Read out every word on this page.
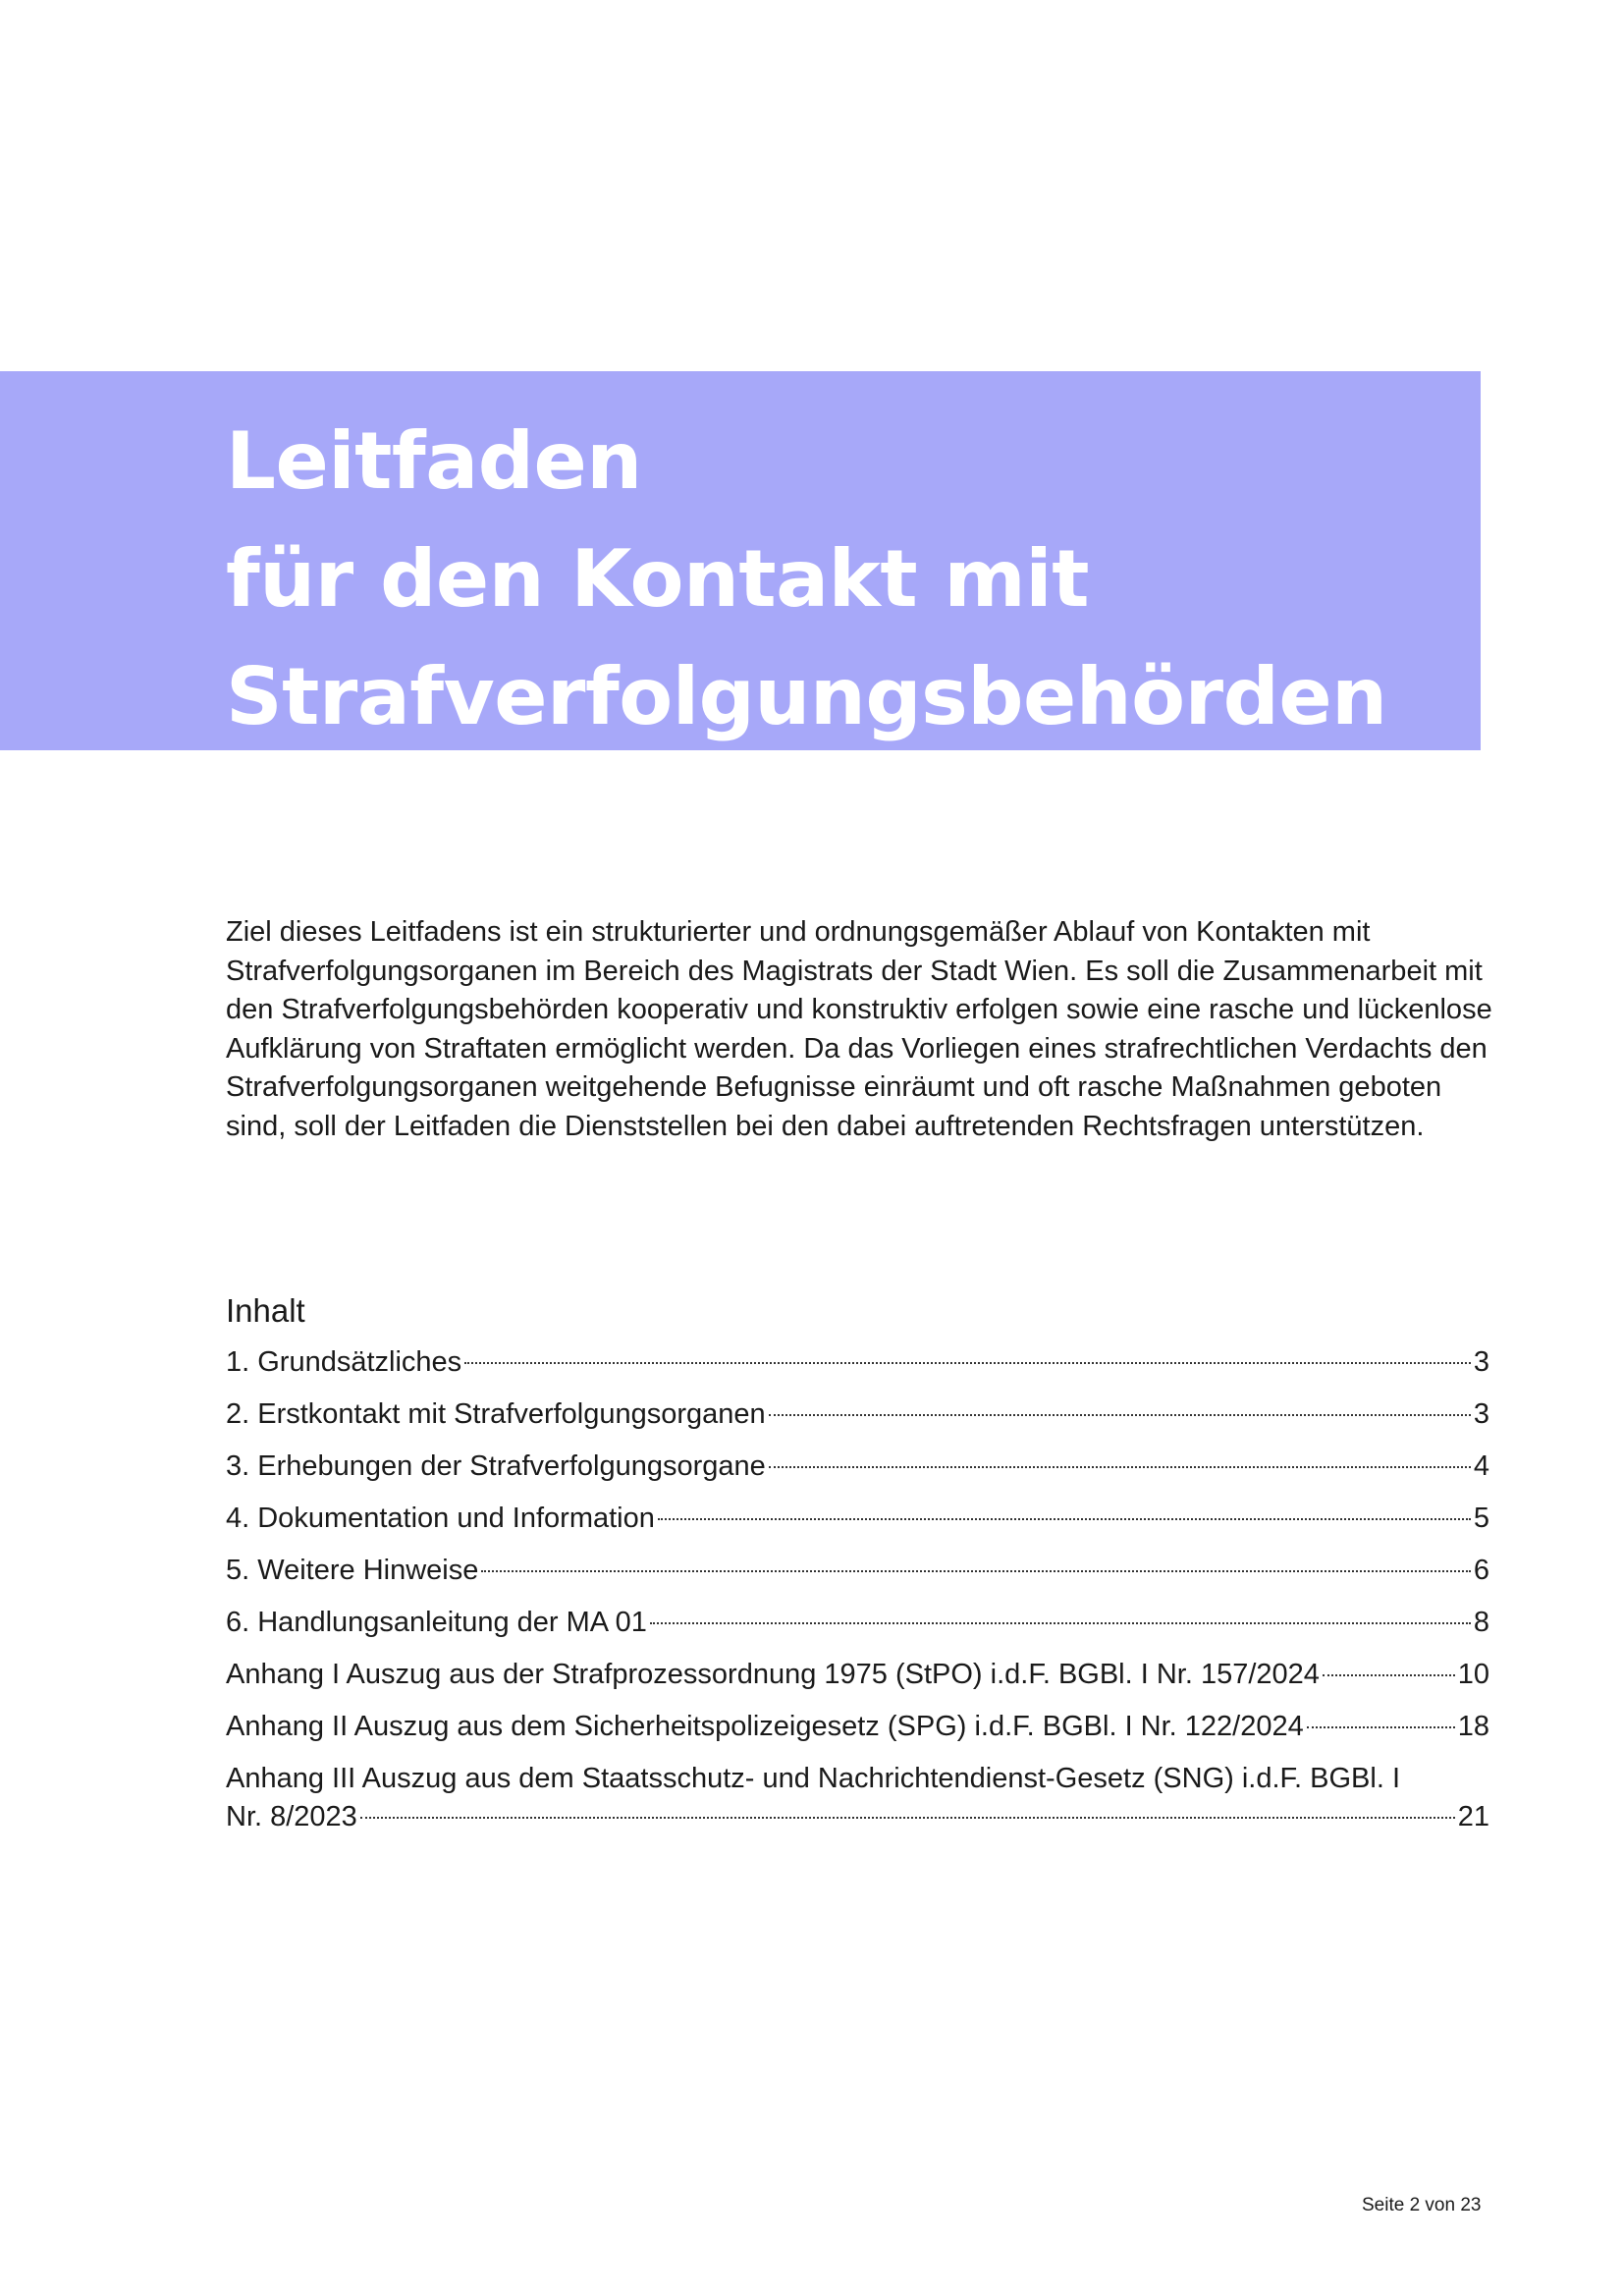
Leitfaden
für den Kontakt mit
Strafverfolgungsbehörden

Ziel dieses Leitfadens ist ein strukturierter und ordnungsgemäßer Ablauf von Kontakten mit Strafverfolgungsorganen im Bereich des Magistrats der Stadt Wien. Es soll die Zusammenarbeit mit den Strafverfolgungsbehörden kooperativ und konstruktiv erfolgen sowie eine rasche und lückenlose Aufklärung von Straftaten ermöglicht werden. Da das Vorliegen eines strafrechtlichen Verdachts den Strafverfolgungsorganen weitgehende Befugnisse einräumt und oft rasche Maßnahmen geboten sind, soll der Leitfaden die Dienststellen bei den dabei auftretenden Rechtsfragen unterstützen.

Inhalt
1. Grundsätzliches	3
2. Erstkontakt mit Strafverfolgungsorganen	3
3. Erhebungen der Strafverfolgungsorgane	4
4. Dokumentation und Information	5
5. Weitere Hinweise	6
6. Handlungsanleitung der MA 01	8
Anhang I Auszug aus der Strafprozessordnung 1975 (StPO) i.d.F. BGBl. I Nr. 157/2024	10
Anhang II Auszug aus dem Sicherheitspolizeigesetz (SPG) i.d.F. BGBl. I Nr. 122/2024	18
Anhang III Auszug aus dem Staatsschutz- und Nachrichtendienst-Gesetz (SNG) i.d.F. BGBl. I
Nr. 8/2023	21
Seite 2 von 23
